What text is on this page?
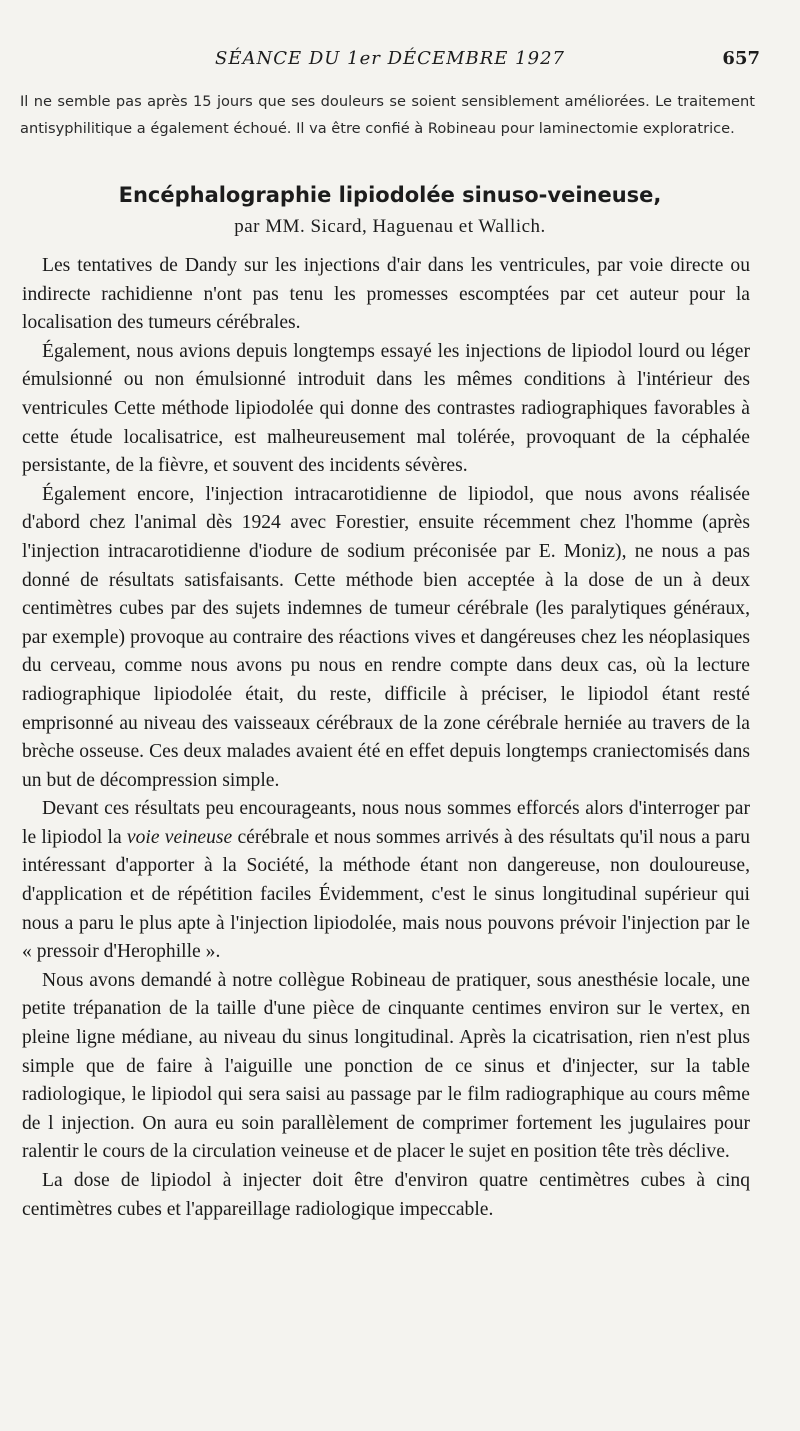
SÉANCE DU 1er DÉCEMBRE 1927	657

Il ne semble pas après 15 jours que ses douleurs se soient sensiblement améliorées. Le traitement antisyphilitique a également échoué. Il va être confié à Robineau pour laminectomie exploratrice.

Encéphalographie lipiodolée sinuso-veineuse,

par MM. Sicard, Haguenau et Wallich.

Les tentatives de Dandy sur les injections d'air dans les ventricules, par voie directe ou indirecte rachidienne n'ont pas tenu les promesses escomptées par cet auteur pour la localisation des tumeurs cérébrales.

Également, nous avions depuis longtemps essayé les injections de lipiodol lourd ou léger émulsionné ou non émulsionné introduit dans les mêmes conditions à l'intérieur des ventricules Cette méthode lipiodolée qui donne des contrastes radiographiques favorables à cette étude localisatrice, est malheureusement mal tolérée, provoquant de la céphalée persistante, de la fièvre, et souvent des incidents sévères.

Également encore, l'injection intracarotidienne de lipiodol, que nous avons réalisée d'abord chez l'animal dès 1924 avec Forestier, ensuite récemment chez l'homme (après l'injection intracarotidienne d'iodure de sodium préconisée par E. Moniz), ne nous a pas donné de résultats satisfaisants. Cette méthode bien acceptée à la dose de un à deux centimètres cubes par des sujets indemnes de tumeur cérébrale (les paralytiques généraux, par exemple) provoque au contraire des réactions vives et dangéreuses chez les néoplasiques du cerveau, comme nous avons pu nous en rendre compte dans deux cas, où la lecture radiographique lipiodolée était, du reste, difficile à préciser, le lipiodol étant resté emprisonné au niveau des vaisseaux cérébraux de la zone cérébrale herniée au travers de la brèche osseuse. Ces deux malades avaient été en effet depuis longtemps craniectomisés dans un but de décompression simple.

Devant ces résultats peu encourageants, nous nous sommes efforcés alors d'interroger par le lipiodol la voie veineuse cérébrale et nous sommes arrivés à des résultats qu'il nous a paru intéressant d'apporter à la Société, la méthode étant non dangereuse, non douloureuse, d'application et de répétition faciles Évidemment, c'est le sinus longitudinal supérieur qui nous a paru le plus apte à l'injection lipiodolée, mais nous pouvons prévoir l'injection par le « pressoir d'Herophille ».

Nous avons demandé à notre collègue Robineau de pratiquer, sous anesthésie locale, une petite trépanation de la taille d'une pièce de cinquante centimes environ sur le vertex, en pleine ligne médiane, au niveau du sinus longitudinal. Après la cicatrisation, rien n'est plus simple que de faire à l'aiguille une ponction de ce sinus et d'injecter, sur la table radiologique, le lipiodol qui sera saisi au passage par le film radiographique au cours même de l injection. On aura eu soin parallèlement de comprimer fortement les jugulaires pour ralentir le cours de la circulation veineuse et de placer le sujet en position tête très déclive.

La dose de lipiodol à injecter doit être d'environ quatre centimètres cubes à cinq centimètres cubes et l'appareillage radiologique impeccable.
